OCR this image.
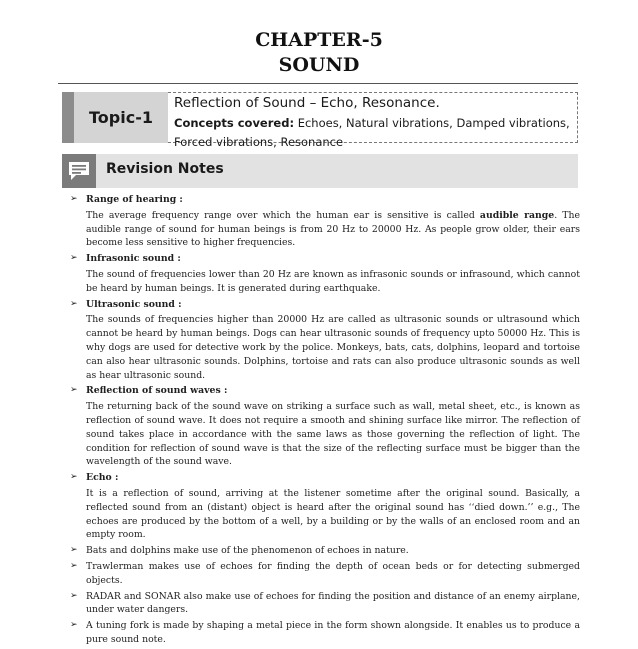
CHAPTER-5
SOUND
Topic-1
Reflection of Sound – Echo, Resonance.
Concepts covered: Echoes, Natural vibrations, Damped vibrations, Forced vibrations, Resonance
Revision Notes
➢ Range of hearing :
The average frequency range over which the human ear is sensitive is called audible range. The audible range of sound for human beings is from 20 Hz to 20000 Hz. As people grow older, their ears become less sensitive to higher frequencies.
➢ Infrasonic sound :
The sound of frequencies lower than 20 Hz are known as infrasonic sounds or infrasound, which cannot be heard by human beings. It is generated during earthquake.
➢ Ultrasonic sound :
The sounds of frequencies higher than 20000 Hz are called as ultrasonic sounds or ultrasound which cannot be heard by human beings. Dogs can hear ultrasonic sounds of frequency upto 50000 Hz. This is why dogs are used for detective work by the police. Monkeys, bats, cats, dolphins, leopard and tortoise can also hear ultrasonic sounds. Dolphins, tortoise and rats can also produce ultrasonic sounds as well as hear ultrasonic sound.
➢ Reflection of sound waves :
The returning back of the sound wave on striking a surface such as wall, metal sheet, etc., is known as reflection of sound wave. It does not require a smooth and shining surface like mirror. The reflection of sound takes place in accordance with the same laws as those governing the reflection of light. The condition for reflection of sound wave is that the size of the reflecting surface must be bigger than the wavelength of the sound wave.
➢ Echo :
It is a reflection of sound, arriving at the listener sometime after the original sound. Basically, a reflected sound from an (distant) object is heard after the original sound has ‘‘died down.’’ e.g., The echoes are produced by the bottom of a well, by a building or by the walls of an enclosed room and an empty room.
➢ Bats and dolphins make use of the phenomenon of echoes in nature.
➢ Trawlerman makes use of echoes for finding the depth of ocean beds or for detecting submerged objects.
➢ RADAR and SONAR also make use of echoes for finding the position and distance of an enemy airplane, under water dangers.
➢ A tuning fork is made by shaping a metal piece in the form shown alongside. It enables us to produce a pure sound note.
